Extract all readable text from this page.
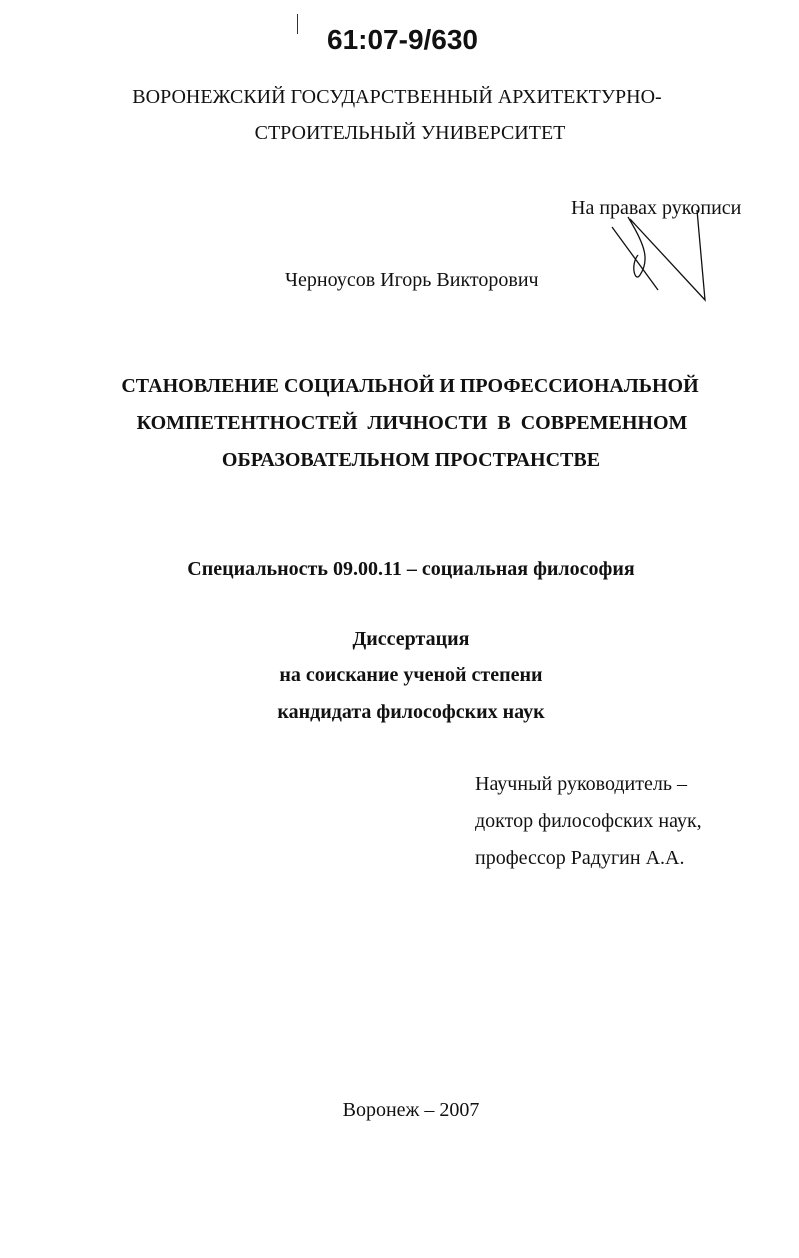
61:07-9/630
ВОРОНЕЖСКИЙ ГОСУДАРСТВЕННЫЙ АРХИТЕКТУРНО-
СТРОИТЕЛЬНЫЙ УНИВЕРСИТЕТ
На правах рукописи
Черноусов Игорь Викторович
СТАНОВЛЕНИЕ СОЦИАЛЬНОЙ И ПРОФЕССИОНАЛЬНОЙ
КОМПЕТЕНТНОСТЕЙ  ЛИЧНОСТИ  В  СОВРЕМЕННОМ
ОБРАЗОВАТЕЛЬНОМ ПРОСТРАНСТВЕ
Специальность 09.00.11 – социальная философия
Диссертация
на соискание ученой степени
кандидата философских наук
Научный руководитель –
доктор философских наук,
профессор Радугин А.А.
Воронеж – 2007
